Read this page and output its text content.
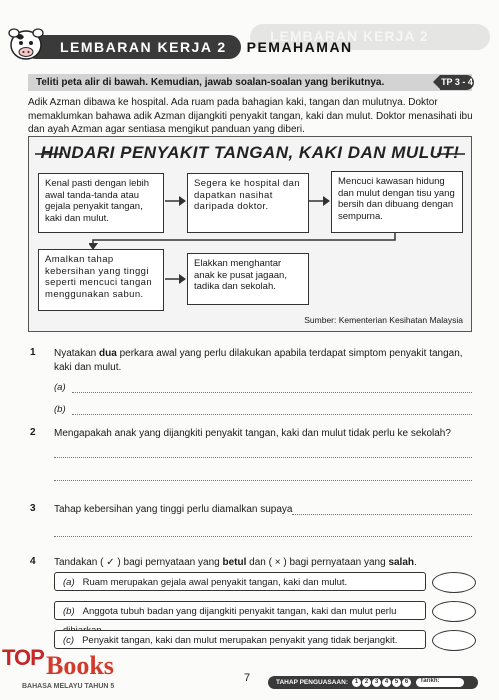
LEMBARAN KERJA 2
LEMBARAN KERJA 2	PEMAHAMAN
Teliti peta alir di bawah. Kemudian, jawab soalan-soalan yang berikutnya.	TP 3 - 4
Adik Azman dibawa ke hospital. Ada ruam pada bahagian kaki, tangan dan mulutnya. Doktor memaklumkan bahawa adik Azman dijangkiti penyakit tangan, kaki dan mulut. Doktor menasihati ibu dan ayah Azman agar sentiasa mengikut panduan yang diberi.
HINDARI PENYAKIT TANGAN, KAKI DAN MULUT!
Kenal pasti dengan lebih awal tanda-tanda atau gejala penyakit tangan, kaki dan mulut.
Segera ke hospital dan dapatkan nasihat daripada doktor.
Mencuci kawasan hidung dan mulut dengan tisu yang bersih dan dibuang dengan sempurna.
Amalkan tahap kebersihan yang tinggi seperti mencuci tangan menggunakan sabun.
Elakkan menghantar anak ke pusat jagaan, tadika dan sekolah.
Sumber: Kementerian Kesihatan Malaysia
1 Nyatakan dua perkara awal yang perlu dilakukan apabila terdapat simptom penyakit tangan, kaki dan mulut.
(a)
(b)
2 Mengapakah anak yang dijangkiti penyakit tangan, kaki dan mulut tidak perlu ke sekolah?
3 Tahap kebersihan yang tinggi perlu diamalkan supaya
4 Tandakan ( ✓ ) bagi pernyataan yang betul dan ( × ) bagi pernyataan yang salah.
(a) Ruam merupakan gejala awal penyakit tangan, kaki dan mulut.
(b) Anggota tubuh badan yang dijangkiti penyakit tangan, kaki dan mulut perlu
(c) Penyakit tangan, kaki dan mulut merupakan penyakit yang tidak berjangkit.
BAHASA MELAYU TAHUN 5
7	TAHAP PENGUASAAN:	1	2	3	4	5	6	Tarikh:
TOP Books
